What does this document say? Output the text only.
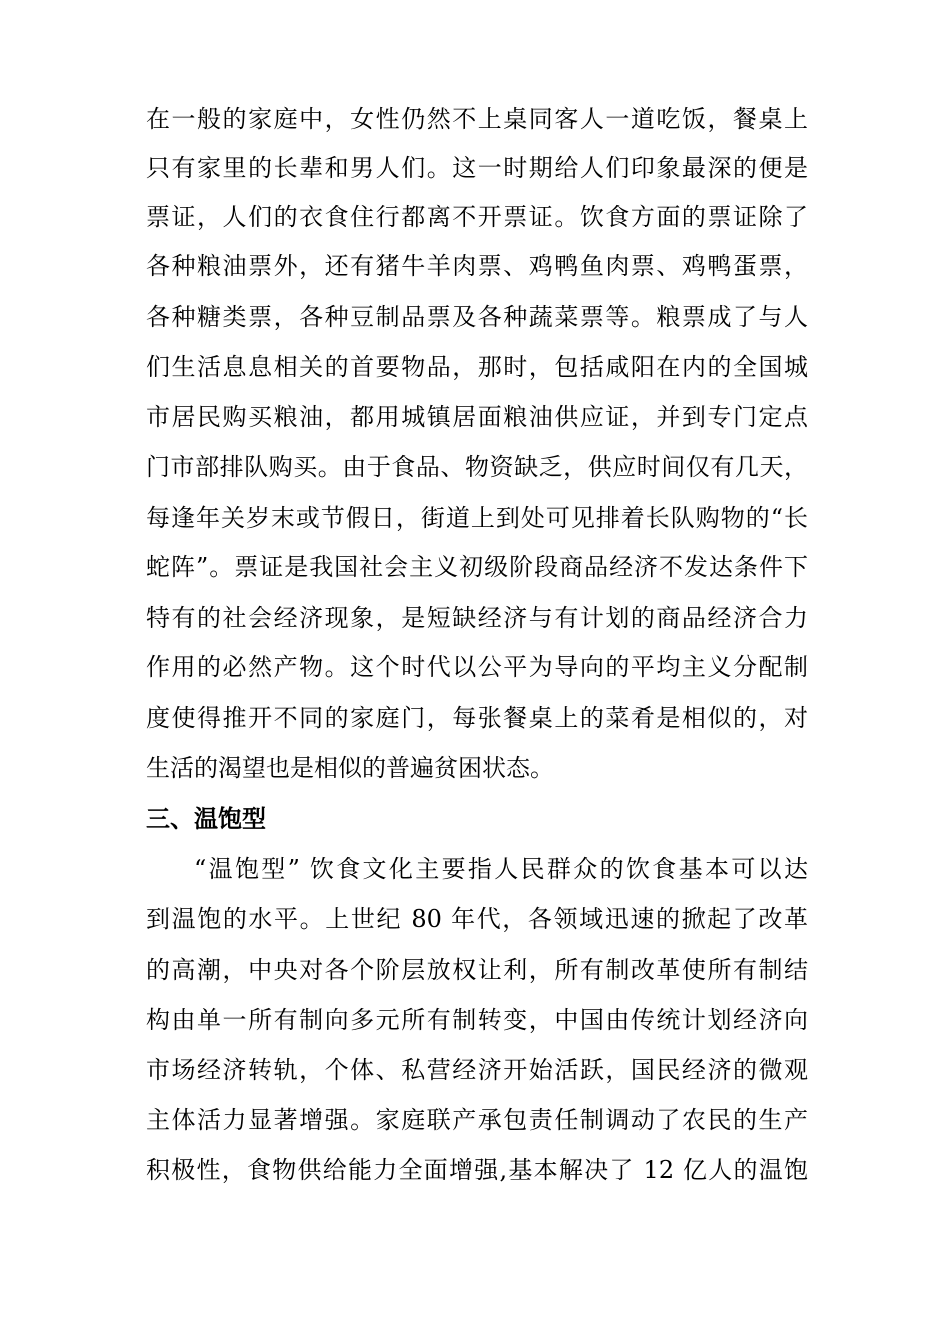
在一般的家庭中，女性仍然不上桌同客人一道吃饭，餐桌上
只有家里的长辈和男人们。这一时期给人们印象最深的便是
票证，人们的衣食住行都离不开票证。饮食方面的票证除了
各种粮油票外，还有猪牛羊肉票、鸡鸭鱼肉票、鸡鸭蛋票，
各种糖类票，各种豆制品票及各种蔬菜票等。粮票成了与人
们生活息息相关的首要物品，那时，包括咸阳在内的全国城
市居民购买粮油，都用城镇居面粮油供应证，并到专门定点
门市部排队购买。由于食品、物资缺乏，供应时间仅有几天，
每逢年关岁末或节假日，街道上到处可见排着长队购物的“长
蛇阵”。票证是我国社会主义初级阶段商品经济不发达条件下
特有的社会经济现象，是短缺经济与有计划的商品经济合力
作用的必然产物。这个时代以公平为导向的平均主义分配制
度使得推开不同的家庭门，每张餐桌上的菜肴是相似的，对
生活的渴望也是相似的普遍贫困状态。
三、温饱型
“温饱型” 饮食文化主要指人民群众的饮食基本可以达
到温饱的水平。上世纪 80 年代，各领域迅速的掀起了改革
的高潮，中央对各个阶层放权让利，所有制改革使所有制结
构由单一所有制向多元所有制转变，中国由传统计划经济向
市场经济转轨，个体、私营经济开始活跃，国民经济的微观
主体活力显著增强。家庭联产承包责任制调动了农民的生产
积极性，食物供给能力全面增强,基本解决了 12 亿人的温饱
